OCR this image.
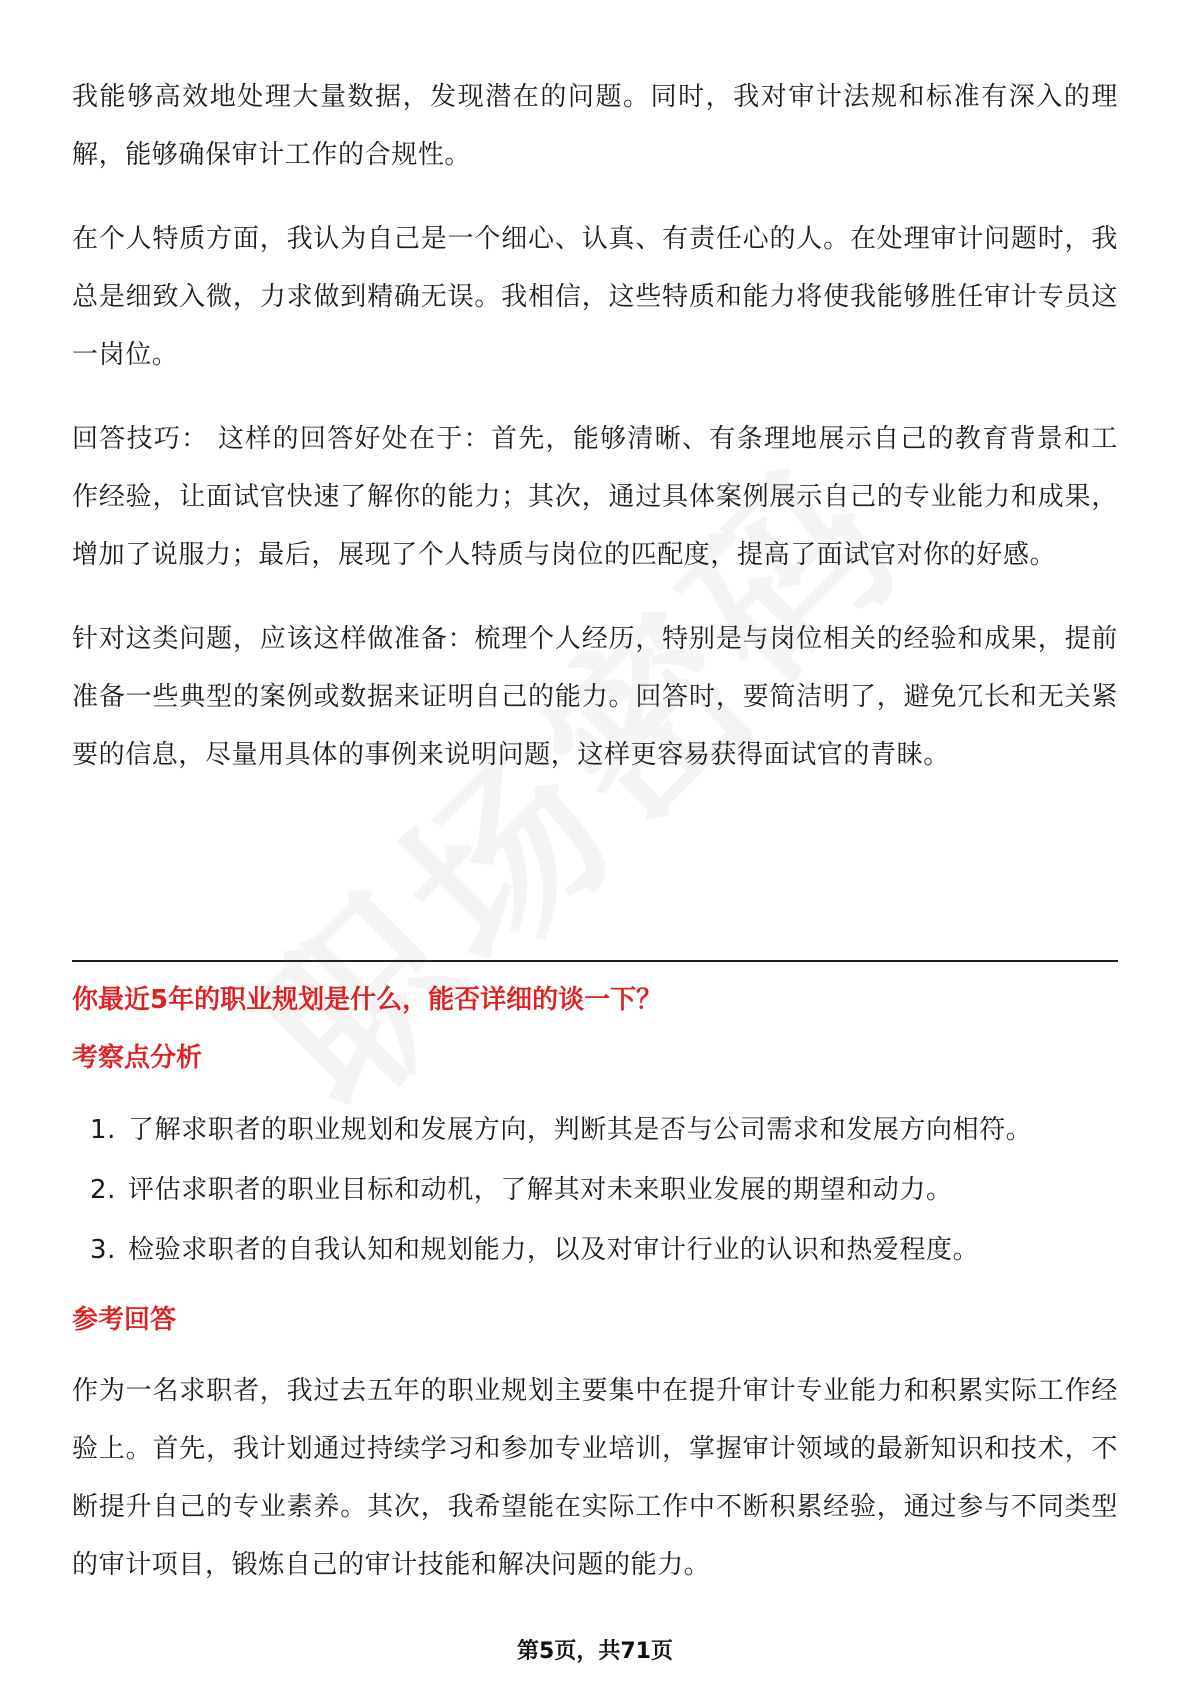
我能够高效地处理大量数据，发现潜在的问题。同时，我对审计法规和标准有深入的理解，能够确保审计工作的合规性。

在个人特质方面，我认为自己是一个细心、认真、有责任心的人。在处理审计问题时，我总是细致入微，力求做到精确无误。我相信，这些特质和能力将使我能够胜任审计专员这一岗位。

回答技巧： 这样的回答好处在于：首先，能够清晰、有条理地展示自己的教育背景和工作经验，让面试官快速了解你的能力；其次，通过具体案例展示自己的专业能力和成果，增加了说服力；最后，展现了个人特质与岗位的匹配度，提高了面试官对你的好感。

针对这类问题，应该这样做准备：梳理个人经历，特别是与岗位相关的经验和成果，提前准备一些典型的案例或数据来证明自己的能力。回答时，要简洁明了，避免冗长和无关紧要的信息，尽量用具体的事例来说明问题，这样更容易获得面试官的青睐。

你最近5年的职业规划是什么，能否详细的谈一下？
考察点分析
1. 了解求职者的职业规划和发展方向，判断其是否与公司需求和发展方向相符。
2. 评估求职者的职业目标和动机，了解其对未来职业发展的期望和动力。
3. 检验求职者的自我认知和规划能力，以及对审计行业的认识和热爱程度。
参考回答

作为一名求职者，我过去五年的职业规划主要集中在提升审计专业能力和积累实际工作经验上。首先，我计划通过持续学习和参加专业培训，掌握审计领域的最新知识和技术，不断提升自己的专业素养。其次，我希望能在实际工作中不断积累经验，通过参与不同类型的审计项目，锻炼自己的审计技能和解决问题的能力。

第5页，共71页
